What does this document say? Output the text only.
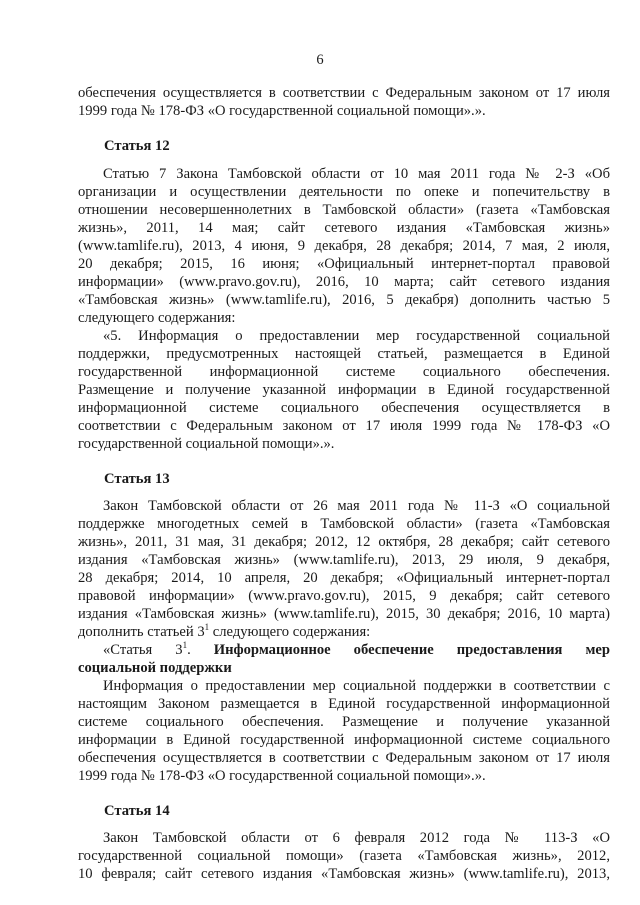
6
обеспечения осуществляется в соответствии с Федеральным законом от 17 июля
1999 года № 178-ФЗ «О государственной социальной помощи».».
Статья 12
Статью 7 Закона Тамбовской области от 10 мая 2011 года № 2-З «Об
организации и осуществлении деятельности по опеке и попечительству в
отношении несовершеннолетних в Тамбовской области» (газета «Тамбовская
жизнь», 2011, 14 мая; сайт сетевого издания «Тамбовская жизнь»
(www.tamlife.ru), 2013, 4 июня, 9 декабря, 28 декабря; 2014, 7 мая, 2 июля,
20 декабря; 2015, 16 июня; «Официальный интернет-портал правовой
информации» (www.pravo.gov.ru), 2016, 10 марта; сайт сетевого издания
«Тамбовская жизнь» (www.tamlife.ru), 2016, 5 декабря) дополнить частью 5
следующего содержания:
«5. Информация о предоставлении мер государственной социальной
поддержки, предусмотренных настоящей статьей, размещается в Единой
государственной информационной системе социального обеспечения.
Размещение и получение указанной информации в Единой государственной
информационной системе социального обеспечения осуществляется в
соответствии с Федеральным законом от 17 июля 1999 года № 178-ФЗ «О
государственной социальной помощи».».
Статья 13
Закон Тамбовской области от 26 мая 2011 года № 11-З «О социальной
поддержке многодетных семей в Тамбовской области» (газета «Тамбовская
жизнь», 2011, 31 мая, 31 декабря; 2012, 12 октября, 28 декабря; сайт сетевого
издания «Тамбовская жизнь» (www.tamlife.ru), 2013, 29 июля, 9 декабря,
28 декабря; 2014, 10 апреля, 20 декабря; «Официальный интернет-портал
правовой информации» (www.pravo.gov.ru), 2015, 9 декабря; сайт сетевого
издания «Тамбовская жизнь» (www.tamlife.ru), 2015, 30 декабря; 2016, 10 марта)
дополнить статьей $3^1$ следующего содержания:
«Статья $3^1$. Информационное обеспечение предоставления мер
социальной поддержки
Информация о предоставлении мер социальной поддержки в соответствии с
настоящим Законом размещается в Единой государственной информационной
системе социального обеспечения. Размещение и получение указанной
информации в Единой государственной информационной системе социального
обеспечения осуществляется в соответствии с Федеральным законом от 17 июля
1999 года № 178-ФЗ «О государственной социальной помощи».».
Статья 14
Закон Тамбовской области от 6 февраля 2012 года № 113-З «О
государственной социальной помощи» (газета «Тамбовская жизнь», 2012,
10 февраля; сайт сетевого издания «Тамбовская жизнь» (www.tamlife.ru), 2013,
